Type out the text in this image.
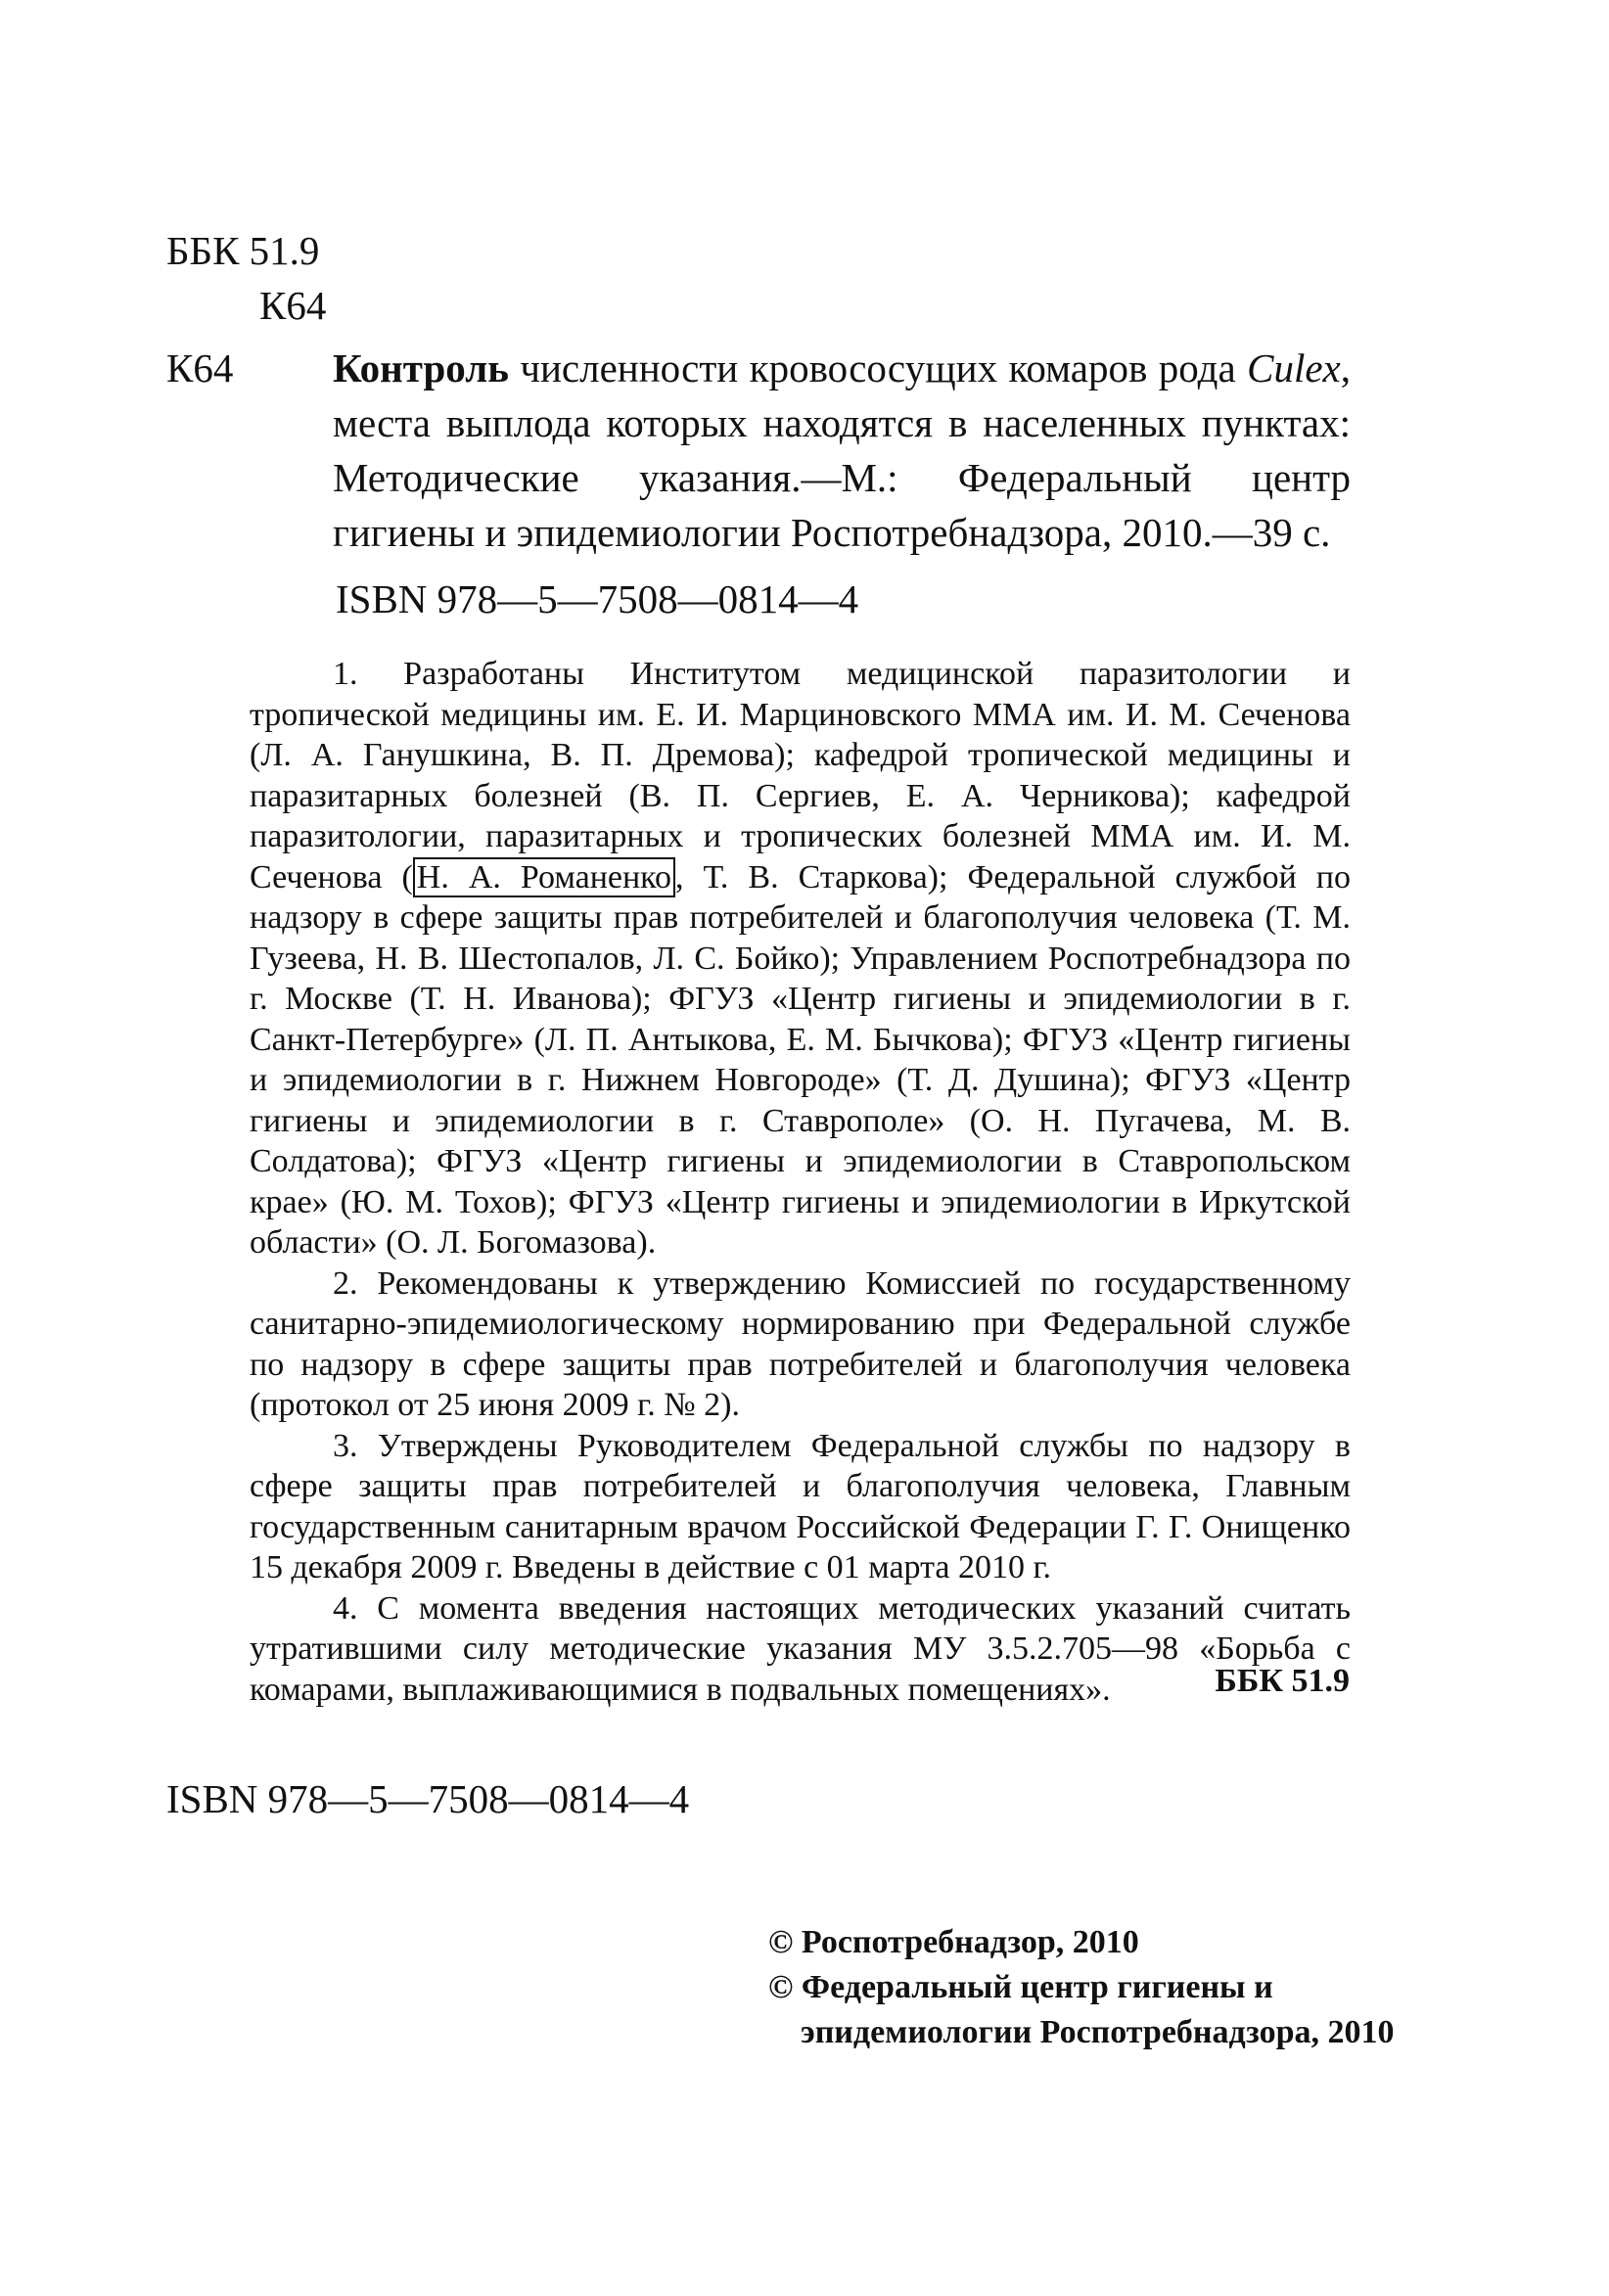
ББК 51.9
К64
К64 Контроль численности кровососущих комаров рода Culex, места выплода которых находятся в населенных пунктах: Методические указания.—М.: Федеральный центр гигиены и эпидемиологии Роспотребнадзора, 2010.—39 с.
ISBN 978—5—7508—0814—4

1. Разработаны Институтом медицинской паразитологии и тропической медицины им. Е. И. Марциновского ММА им. И. М. Сеченова (Л. А. Ганушкина, В. П. Дремова); кафедрой тропической медицины и паразитарных болезней (В. П. Сергиев, Е. А. Черникова); кафедрой паразитологии, паразитарных и тропических болезней ММА им. И. М. Сеченова ( Н. А. Романенко , Т. В. Старкова); Федеральной службой по надзору в сфере защиты прав потребителей и благополучия человека (Т. М. Гузеева, Н. В. Шестопалов, Л. С. Бойко); Управлением Роспотребнадзора по г. Москве (Т. Н. Иванова); ФГУЗ «Центр гигиены и эпидемиологии в г. Санкт-Петербурге» (Л. П. Антыкова, Е. М. Бычкова); ФГУЗ «Центр гигиены и эпидемиологии в г. Нижнем Новгороде» (Т. Д. Душина); ФГУЗ «Центр гигиены и эпидемиологии в г. Ставрополе» (О. Н. Пугачева, М. В. Солдатова); ФГУЗ «Центр гигиены и эпидемиологии в Ставропольском крае» (Ю. М. Тохов); ФГУЗ «Центр гигиены и эпидемиологии в Иркутской области» (О. Л. Богомазова).

2. Рекомендованы к утверждению Комиссией по государственному санитарно-эпидемиологическому нормированию при Федеральной службе по надзору в сфере защиты прав потребителей и благополучия человека (протокол от 25 июня 2009 г. № 2).

3. Утверждены Руководителем Федеральной службы по надзору в сфере защиты прав потребителей и благополучия человека, Главным государственным санитарным врачом Российской Федерации Г. Г. Онищенко 15 декабря 2009 г. Введены в действие с 01 марта 2010 г.

4. С момента введения настоящих методических указаний считать утратившими силу методические указания МУ 3.5.2.705—98 «Борьба с комарами, выплаживающимися в подвальных помещениях».	ББК 51.9
ISBN 978—5—7508—0814—4
© Роспотребнадзор, 2010
© Федеральный центр гигиены и
эпидемиологии Роспотребнадзора, 2010
